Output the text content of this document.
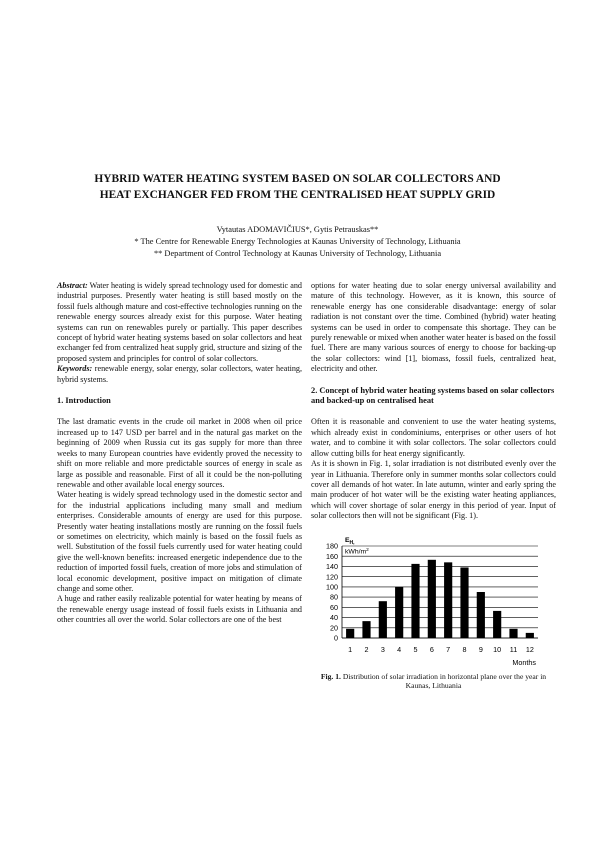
HYBRID WATER HEATING SYSTEM BASED ON SOLAR COLLECTORS AND
HEAT EXCHANGER FED FROM THE CENTRALISED HEAT SUPPLY GRID
Vytautas ADOMAVIČIUS*, Gytis Petrauskas**
* The Centre for Renewable Energy Technologies at Kaunas University of Technology, Lithuania
** Department of Control Technology at Kaunas University of Technology, Lithuania

Abstract: Water heating is widely spread technology used for domestic and industrial purposes. Presently water heating is still based mostly on the fossil fuels although mature and cost-effective technologies running on the renewable energy sources already exist for this purpose. Water heating systems can run on renewables purely or partially. This paper describes concept of hybrid water heating systems based on solar collectors and heat exchanger fed from centralized heat supply grid, structure and sizing of the proposed system and principles for control of solar collectors.

Keywords: renewable energy, solar energy, solar collectors, water heating, hybrid systems.

1. Introduction

The last dramatic events in the crude oil market in 2008 when oil price increased up to 147 USD per barrel and in the natural gas market on the beginning of 2009 when Russia cut its gas supply for more than three weeks to many European countries have evidently proved the necessity to shift on more reliable and more predictable sources of energy in scale as large as possible and reasonable. First of all it could be the non-polluting renewable and other available local energy sources.

Water heating is widely spread technology used in the domestic sector and for the industrial applications including many small and medium enterprises. Considerable amounts of energy are used for this purpose. Presently water heating installations mostly are running on the fossil fuels or sometimes on electricity, which mainly is based on the fossil fuels as well. Substitution of the fossil fuels currently used for water heating could give the well-known benefits: increased energetic independence due to the reduction of imported fossil fuels, creation of more jobs and stimulation of local economic development, positive impact on mitigation of climate change and some other.

A huge and rather easily realizable potential for water heating by means of the renewable energy usage instead of fossil fuels exists in Lithuania and other countries all over the world. Solar collectors are one of the best

options for water heating due to solar energy universal availability and mature of this technology. However, as it is known, this source of renewable energy has one considerable disadvantage: energy of solar radiation is not constant over the time. Combined (hybrid) water heating systems can be used in order to compensate this shortage. They can be purely renewable or mixed when another water heater is based on the fossil fuel. There are many various sources of energy to choose for backing-up the solar collectors: wind [1], biomass, fossil fuels, centralized heat, electricity and other.

2. Concept of hybrid water heating systems based on solar collectors and backed-up on centralised heat

Often it is reasonable and convenient to use the water heating systems, which already exist in condominiums, enterprises or other users of hot water, and to combine it with solar collectors. The solar collectors could allow cutting bills for heat energy significantly.

As it is shown in Fig. 1, solar irradiation is not distributed evenly over the year in Lithuania. Therefore only in summer months solar collectors could cover all demands of hot water. In late autumn, winter and early spring the main producer of hot water will be the existing water heating appliances, which will cover shortage of solar energy in this period of year. Input of solar collectors then will not be significant (Fig. 1).

0
20
40
60
80
100
120
140
160
180
1 2 3 4 5 6 7 8 9 10 11 12
$E_{H,}$
kWh/$m^2$
Months
Fig. 1. Distribution of solar irradiation in horizontal plane over the year in Kaunas, Lithuania
